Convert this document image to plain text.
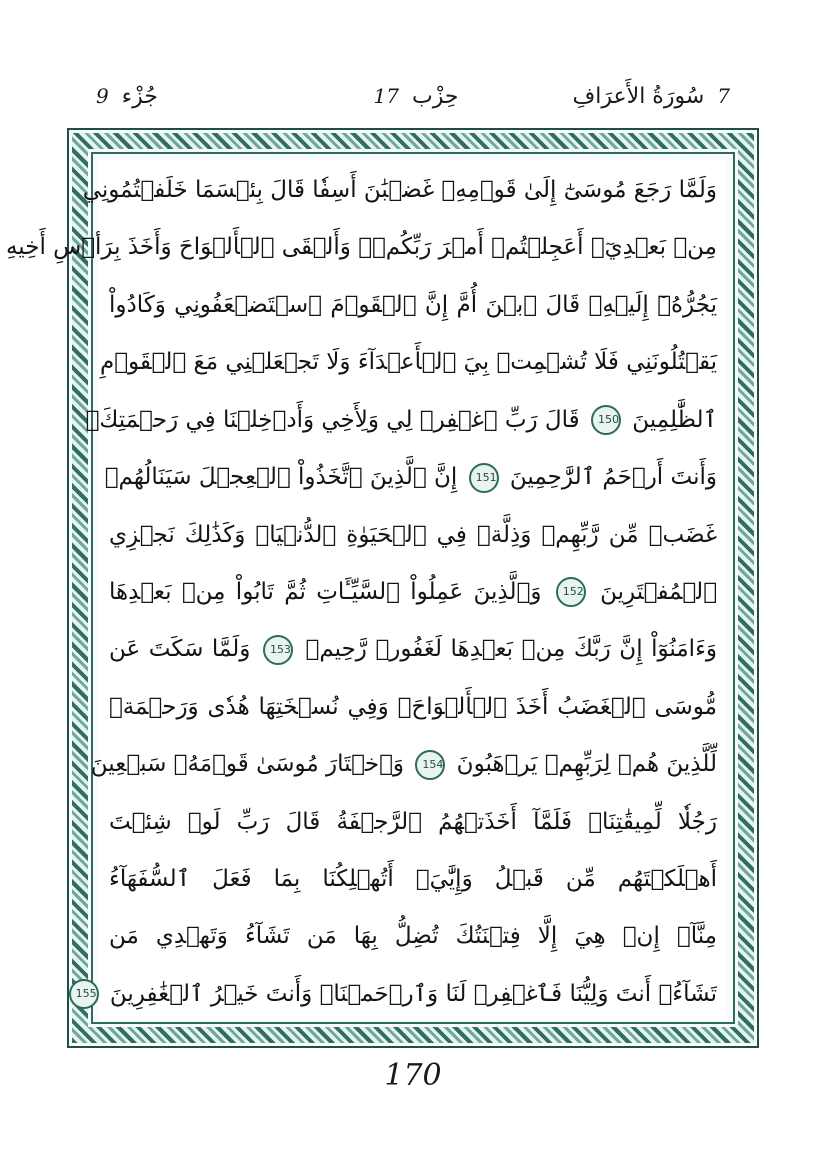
7 سُورَةُ الأَعرَافِ
حِزْب 17
جُزْء 9
وَلَمَّا رَجَعَ مُوسَىٰٓ إِلَىٰ قَوۡمِهِۦ غَضۡبَٰنَ أَسِفٗا قَالَ بِئۡسَمَا خَلَفۡتُمُونِي
مِنۢ بَعۡدِيٓۖ أَعَجِلۡتُمۡ أَمۡرَ رَبِّكُمۡۖ وَأَلۡقَى ٱلۡأَلۡوَاحَ وَأَخَذَ بِرَأۡسِ أَخِيهِ
يَجُرُّهُۥٓ إِلَيۡهِۚ قَالَ ٱبۡنَ أُمَّ إِنَّ ٱلۡقَوۡمَ ٱسۡتَضۡعَفُونِي وَكَادُواْ
يَقۡتُلُونَنِي فَلَا تُشۡمِتۡ بِيَ ٱلۡأَعۡدَآءَ وَلَا تَجۡعَلۡنِي مَعَ ٱلۡقَوۡمِ
ٱلظَّٰلِمِينَ 150 قَالَ رَبِّ ٱغۡفِرۡ لِي وَلِأَخِي وَأَدۡخِلۡنَا فِي رَحۡمَتِكَۖ
وَأَنتَ أَرۡحَمُ ٱلرَّٰحِمِينَ 151 إِنَّ ٱلَّذِينَ ٱتَّخَذُواْ ٱلۡعِجۡلَ سَيَنَالُهُمۡ
غَضَبٞ مِّن رَّبِّهِمۡ وَذِلَّةٞ فِي ٱلۡحَيَوٰةِ ٱلدُّنۡيَاۚ وَكَذَٰلِكَ نَجۡزِي
ٱلۡمُفۡتَرِينَ 152 وَٱلَّذِينَ عَمِلُواْ ٱلسَّيِّـَٔاتِ ثُمَّ تَابُواْ مِنۢ بَعۡدِهَا
وَءَامَنُوٓاْ إِنَّ رَبَّكَ مِنۢ بَعۡدِهَا لَغَفُورٞ رَّحِيمٞ 153 وَلَمَّا سَكَتَ عَن
مُّوسَى ٱلۡغَضَبُ أَخَذَ ٱلۡأَلۡوَاحَۖ وَفِي نُسۡخَتِهَا هُدٗى وَرَحۡمَةٞ
لِّلَّذِينَ هُمۡ لِرَبِّهِمۡ يَرۡهَبُونَ 154 وَٱخۡتَارَ مُوسَىٰ قَوۡمَهُۥ سَبۡعِينَ
رَجُلٗا لِّمِيقَٰتِنَاۖ فَلَمَّآ أَخَذَتۡهُمُ ٱلرَّجۡفَةُ قَالَ رَبِّ لَوۡ شِئۡتَ
أَهۡلَكۡتَهُم مِّن قَبۡلُ وَإِيَّٰيَۖ أَتُهۡلِكُنَا بِمَا فَعَلَ ٱلسُّفَهَآءُ
مِنَّآۖ إِنۡ هِيَ إِلَّا فِتۡنَتُكَ تُضِلُّ بِهَا مَن تَشَآءُ وَتَهۡدِي مَن
تَشَآءُۖ أَنتَ وَلِيُّنَا فَٱغۡفِرۡ لَنَا وَٱرۡحَمۡنَاۖ وَأَنتَ خَيۡرُ ٱلۡغَٰفِرِينَ 155
170
